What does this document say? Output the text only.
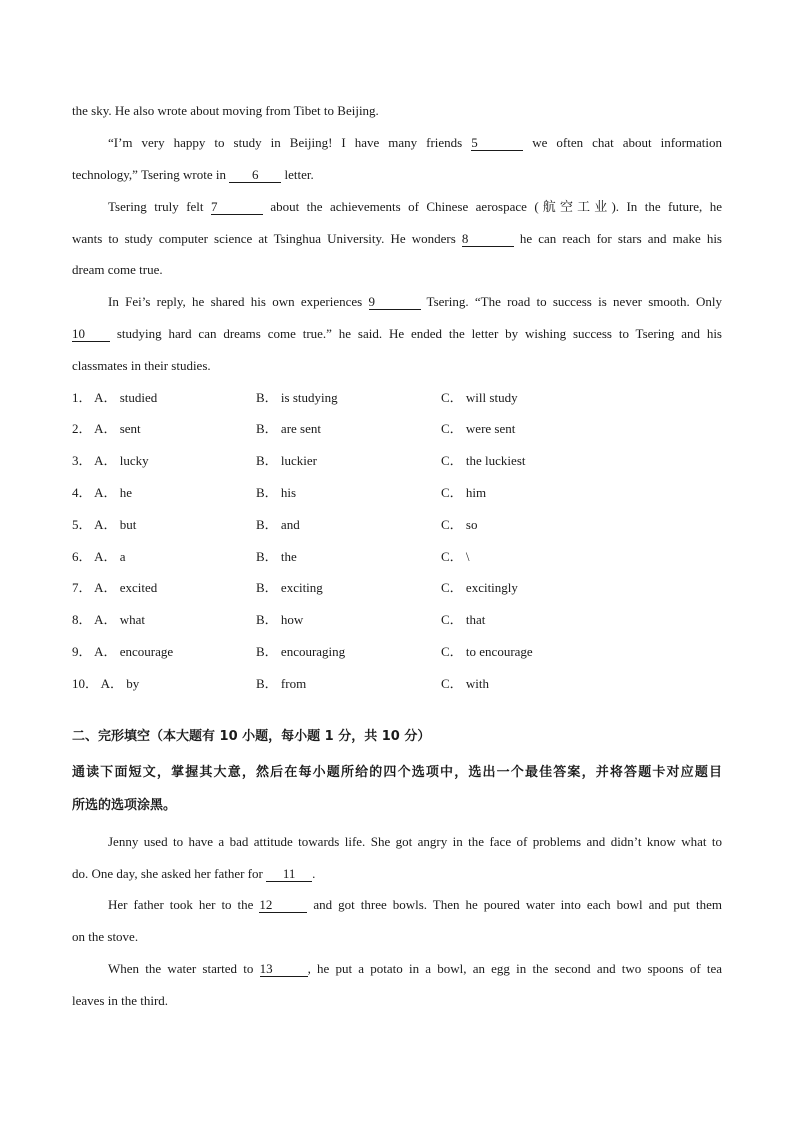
the sky. He also wrote about moving from Tibet to Beijing.
“I’m very happy to study in Beijing! I have many friends 5	we often chat about information
technology,” Tsering wrote in 6 letter.
Tsering truly felt 7	about the achievements of Chinese aerospace (航空工业). In the future, he
wants to study computer science at Tsinghua University. He wonders 8	he can reach for stars and make his
dream come true.
In Fei’s reply, he shared his own experiences 9	Tsering. “The road to success is never smooth. Only
10 studying hard can dreams come true.” he said. He ended the letter by wishing success to Tsering and his
classmates in their studies.
1． A． studied	B． is studying	C． will study
2． A． sent	B． are sent	C． were sent
3． A． lucky	B． luckier	C． the luckiest
4． A． he	B． his	C． him
5． A． but	B． and	C． so
6． A． a	B． the	C． \
7． A． excited	B． exciting	C． excitingly
8． A． what	B． how	C． that
9． A． encourage	B． encouraging	C． to encourage
10． A． by	B． from	C． with
二、完形填空（本大题有 10 小题，每小题 1 分，共 10 分）
通读下面短文，掌握其大意，然后在每小题所给的四个选项中，选出一个最佳答案，并将答题卡对应题目
所选的选项涂黑。
Jenny used to have a bad attitude towards life. She got angry in the face of problems and didn’t know what to
do. One day, she asked her father for 11 .
Her father took her to the 12	and got three bowls. Then he poured water into each bowl and put them
on the stove.
When the water started to 13	, he put a potato in a bowl, an egg in the second and two spoons of tea
leaves in the third.
